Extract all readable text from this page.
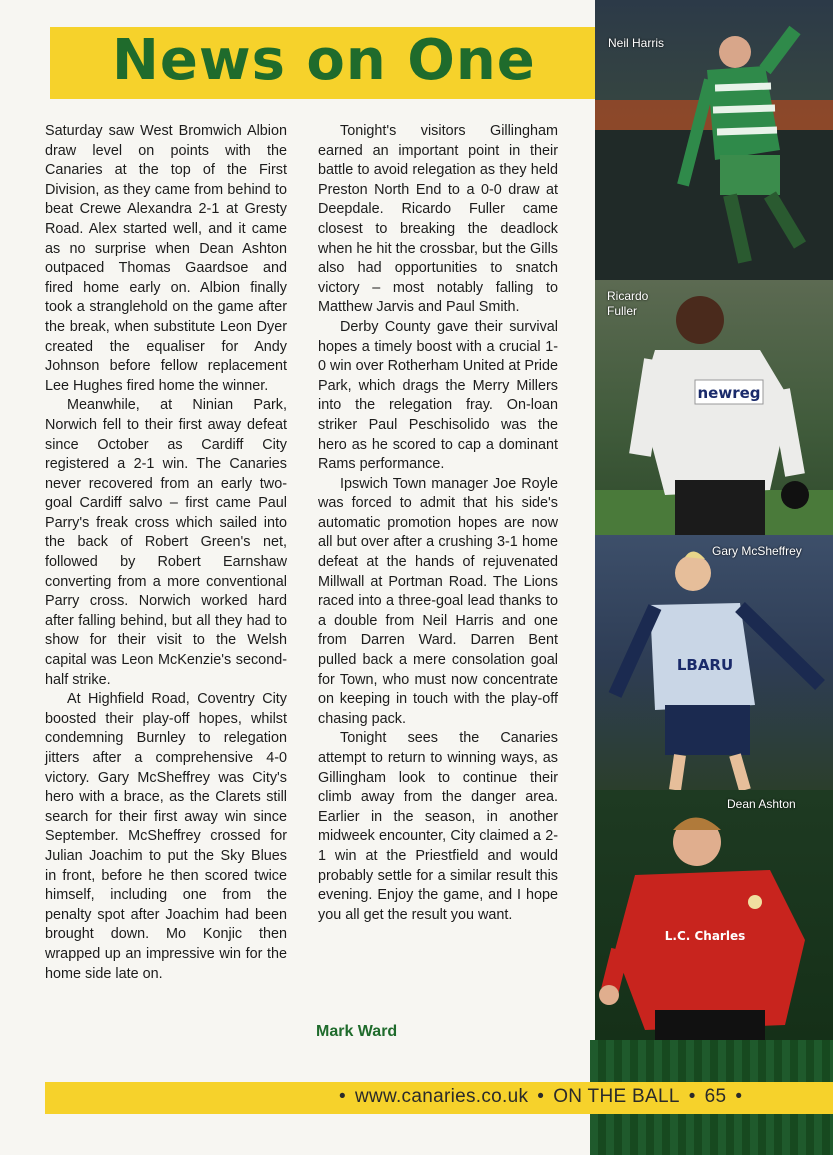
News on One

Saturday saw West Bromwich Albion draw level on points with the Canaries at the top of the First Division, as they came from behind to beat Crewe Alexandra 2-1 at Gresty Road. Alex started well, and it came as no surprise when Dean Ashton outpaced Thomas Gaardsoe and fired home early on. Albion finally took a stranglehold on the game after the break, when substitute Leon Dyer created the equaliser for Andy Johnson before fellow replacement Lee Hughes fired home the winner.

Meanwhile, at Ninian Park, Norwich fell to their first away defeat since October as Cardiff City registered a 2-1 win. The Canaries never recovered from an early two-goal Cardiff salvo – first came Paul Parry's freak cross which sailed into the back of Robert Green's net, followed by Robert Earnshaw converting from a more conventional Parry cross. Norwich worked hard after falling behind, but all they had to show for their visit to the Welsh capital was Leon McKenzie's second-half strike.

At Highfield Road, Coventry City boosted their play-off hopes, whilst condemning Burnley to relegation jitters after a comprehensive 4-0 victory. Gary McSheffrey was City's hero with a brace, as the Clarets still search for their first away win since September. McSheffrey crossed for Julian Joachim to put the Sky Blues in front, before he then scored twice himself, including one from the penalty spot after Joachim had been brought down. Mo Konjic then wrapped up an impressive win for the home side late on.

Tonight's visitors Gillingham earned an important point in their battle to avoid relegation as they held Preston North End to a 0-0 draw at Deepdale. Ricardo Fuller came closest to breaking the deadlock when he hit the crossbar, but the Gills also had opportunities to snatch victory – most notably falling to Matthew Jarvis and Paul Smith.

Derby County gave their survival hopes a timely boost with a crucial 1-0 win over Rotherham United at Pride Park, which drags the Merry Millers into the relegation fray. On-loan striker Paul Peschisolido was the hero as he scored to cap a dominant Rams performance.

Ipswich Town manager Joe Royle was forced to admit that his side's automatic promotion hopes are now all but over after a crushing 3-1 home defeat at the hands of rejuvenated Millwall at Portman Road. The Lions raced into a three-goal lead thanks to a double from Neil Harris and one from Darren Ward. Darren Bent pulled back a mere consolation goal for Town, who must now concentrate on keeping in touch with the play-off chasing pack.

Tonight sees the Canaries attempt to return to winning ways, as Gillingham look to continue their climb away from the danger area. Earlier in the season, in another midweek encounter, City claimed a 2-1 win at the Priestfield and would probably settle for a similar result this evening. Enjoy the game, and I hope you all get the result you want.

Mark Ward
Neil Harris
newreg
Ricardo Fuller
LBARU
Gary McSheffrey
L.C. Charles
Dean Ashton
• www.canaries.co.uk • ON THE BALL • 65 •
